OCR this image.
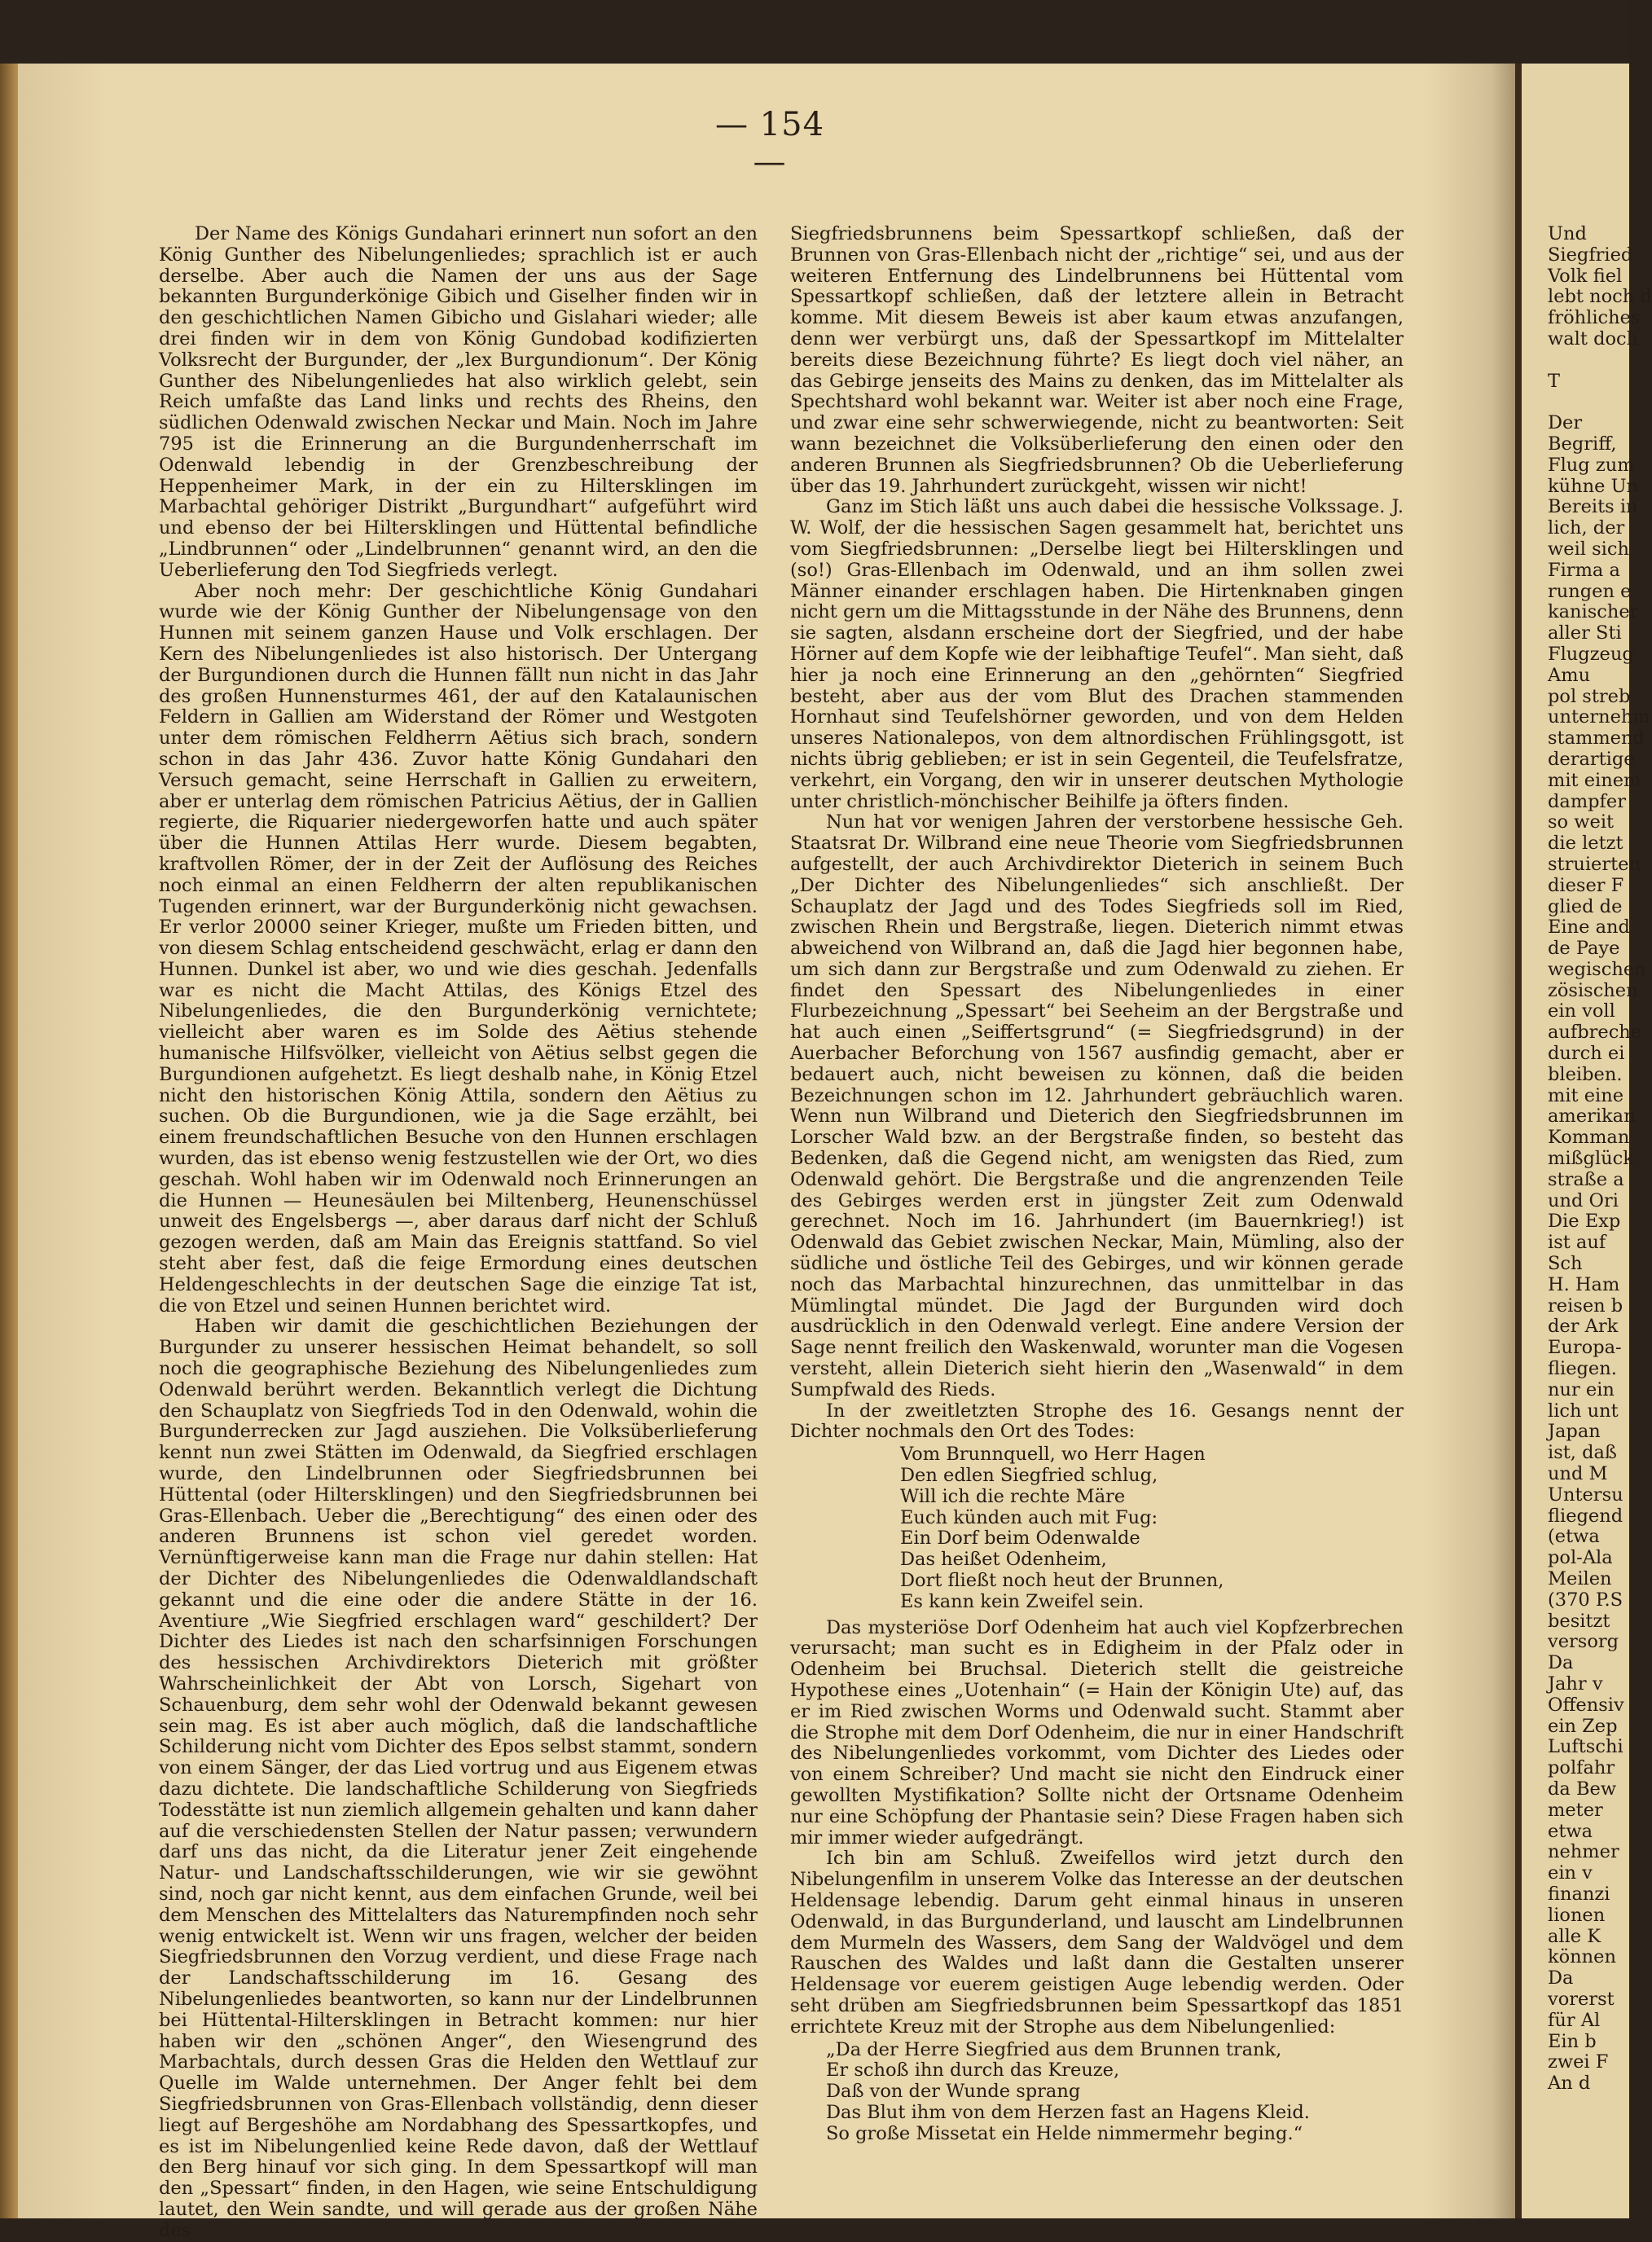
— 154 —

Der Name des Königs Gundahari erinnert nun sofort an den König Gunther des Nibelungenliedes; sprachlich ist er auch derselbe. Aber auch die Namen der uns aus der Sage bekannten Burgunderkönige Gibich und Giselher finden wir in den geschichtlichen Namen Gibicho und Gislahari wieder; alle drei finden wir in dem von König Gundobad kodifizierten Volksrecht der Burgunder, der „lex Burgundionum“. Der König Gunther des Nibelungenliedes hat also wirklich gelebt, sein Reich umfaßte das Land links und rechts des Rheins, den südlichen Odenwald zwischen Neckar und Main. Noch im Jahre 795 ist die Erinnerung an die Burgundenherrschaft im Odenwald lebendig in der Grenzbeschreibung der Heppenheimer Mark, in der ein zu Hiltersklingen im Marbachtal gehöriger Distrikt „Burgundhart“ aufgeführt wird und ebenso der bei Hiltersklingen und Hüttental befindliche „Lindbrunnen“ oder „Lindelbrunnen“ genannt wird, an den die Ueberlieferung den Tod Siegfrieds verlegt.

Aber noch mehr: Der geschichtliche König Gundahari wurde wie der König Gunther der Nibelungensage von den Hunnen mit seinem ganzen Hause und Volk erschlagen. Der Kern des Nibelungenliedes ist also historisch. Der Untergang der Burgundionen durch die Hunnen fällt nun nicht in das Jahr des großen Hunnensturmes 461, der auf den Katalaunischen Feldern in Gallien am Widerstand der Römer und Westgoten unter dem römischen Feldherrn Aëtius sich brach, sondern schon in das Jahr 436. Zuvor hatte König Gundahari den Versuch gemacht, seine Herrschaft in Gallien zu erweitern, aber er unterlag dem römischen Patricius Aëtius, der in Gallien regierte, die Riquarier niedergeworfen hatte und auch später über die Hunnen Attilas Herr wurde. Diesem begabten, kraftvollen Römer, der in der Zeit der Auflösung des Reiches noch einmal an einen Feldherrn der alten republikanischen Tugenden erinnert, war der Burgunderkönig nicht gewachsen. Er verlor 20000 seiner Krieger, mußte um Frieden bitten, und von diesem Schlag entscheidend geschwächt, erlag er dann den Hunnen. Dunkel ist aber, wo und wie dies geschah. Jedenfalls war es nicht die Macht Attilas, des Königs Etzel des Nibelungenliedes, die den Burgunderkönig vernichtete; vielleicht aber waren es im Solde des Aëtius stehende humanische Hilfsvölker, vielleicht von Aëtius selbst gegen die Burgundionen aufgehetzt. Es liegt deshalb nahe, in König Etzel nicht den historischen König Attila, sondern den Aëtius zu suchen. Ob die Burgundionen, wie ja die Sage erzählt, bei einem freundschaftlichen Besuche von den Hunnen erschlagen wurden, das ist ebenso wenig festzustellen wie der Ort, wo dies geschah. Wohl haben wir im Odenwald noch Erinnerungen an die Hunnen — Heunesäulen bei Miltenberg, Heunenschüssel unweit des Engelsbergs —, aber daraus darf nicht der Schluß gezogen werden, daß am Main das Ereignis stattfand. So viel steht aber fest, daß die feige Ermordung eines deutschen Heldengeschlechts in der deutschen Sage die einzige Tat ist, die von Etzel und seinen Hunnen berichtet wird.

Haben wir damit die geschichtlichen Beziehungen der Burgunder zu unserer hessischen Heimat behandelt, so soll noch die geographische Beziehung des Nibelungenliedes zum Odenwald berührt werden. Bekanntlich verlegt die Dichtung den Schauplatz von Siegfrieds Tod in den Odenwald, wohin die Burgunderrecken zur Jagd ausziehen. Die Volksüberlieferung kennt nun zwei Stätten im Odenwald, da Siegfried erschlagen wurde, den Lindelbrunnen oder Siegfriedsbrunnen bei Hüttental (oder Hiltersklingen) und den Siegfriedsbrunnen bei Gras-Ellenbach. Ueber die „Berechtigung“ des einen oder des anderen Brunnens ist schon viel geredet worden. Vernünftigerweise kann man die Frage nur dahin stellen: Hat der Dichter des Nibelungenliedes die Odenwaldlandschaft gekannt und die eine oder die andere Stätte in der 16. Aventiure „Wie Siegfried erschlagen ward“ geschildert? Der Dichter des Liedes ist nach den scharfsinnigen Forschungen des hessischen Archivdirektors Dieterich mit größter Wahrscheinlichkeit der Abt von Lorsch, Sigehart von Schauenburg, dem sehr wohl der Odenwald bekannt gewesen sein mag. Es ist aber auch möglich, daß die landschaftliche Schilderung nicht vom Dichter des Epos selbst stammt, sondern von einem Sänger, der das Lied vortrug und aus Eigenem etwas dazu dichtete. Die landschaftliche Schilderung von Siegfrieds Todesstätte ist nun ziemlich allgemein gehalten und kann daher auf die verschiedensten Stellen der Natur passen; verwundern darf uns das nicht, da die Literatur jener Zeit eingehende Natur- und Landschaftsschilderungen, wie wir sie gewöhnt sind, noch gar nicht kennt, aus dem einfachen Grunde, weil bei dem Menschen des Mittelalters das Naturempfinden noch sehr wenig entwickelt ist. Wenn wir uns fragen, welcher der beiden Siegfriedsbrunnen den Vorzug verdient, und diese Frage nach der Landschaftsschilderung im 16. Gesang des Nibelungenliedes beantworten, so kann nur der Lindelbrunnen bei Hüttental-Hiltersklingen in Betracht kommen: nur hier haben wir den „schönen Anger“, den Wiesengrund des Marbachtals, durch dessen Gras die Helden den Wettlauf zur Quelle im Walde unternehmen. Der Anger fehlt bei dem Siegfriedsbrunnen von Gras-Ellenbach vollständig, denn dieser liegt auf Bergeshöhe am Nordabhang des Spessartkopfes, und es ist im Nibelungenlied keine Rede davon, daß der Wettlauf den Berg hinauf vor sich ging. In dem Spessartkopf will man den „Spessart“ finden, in den Hagen, wie seine Entschuldigung lautet, den Wein sandte, und will gerade aus der großen Nähe des

Siegfriedsbrunnens beim Spessartkopf schließen, daß der Brunnen von Gras-Ellenbach nicht der „richtige“ sei, und aus der weiteren Entfernung des Lindelbrunnens bei Hüttental vom Spessartkopf schließen, daß der letztere allein in Betracht komme. Mit diesem Beweis ist aber kaum etwas anzufangen, denn wer verbürgt uns, daß der Spessartkopf im Mittelalter bereits diese Bezeichnung führte? Es liegt doch viel näher, an das Gebirge jenseits des Mains zu denken, das im Mittelalter als Spechtshard wohl bekannt war. Weiter ist aber noch eine Frage, und zwar eine sehr schwerwiegende, nicht zu beantworten: Seit wann bezeichnet die Volksüberlieferung den einen oder den anderen Brunnen als Siegfriedsbrunnen? Ob die Ueberlieferung über das 19. Jahrhundert zurückgeht, wissen wir nicht!

Ganz im Stich läßt uns auch dabei die hessische Volkssage. J. W. Wolf, der die hessischen Sagen gesammelt hat, berichtet uns vom Siegfriedsbrunnen: „Derselbe liegt bei Hiltersklingen und (so!) Gras-Ellenbach im Odenwald, und an ihm sollen zwei Männer einander erschlagen haben. Die Hirtenknaben gingen nicht gern um die Mittagsstunde in der Nähe des Brunnens, denn sie sagten, alsdann erscheine dort der Siegfried, und der habe Hörner auf dem Kopfe wie der leibhaftige Teufel“. Man sieht, daß hier ja noch eine Erinnerung an den „gehörnten“ Siegfried besteht, aber aus der vom Blut des Drachen stammenden Hornhaut sind Teufelshörner geworden, und von dem Helden unseres Nationalepos, von dem altnordischen Frühlingsgott, ist nichts übrig geblieben; er ist in sein Gegenteil, die Teufelsfratze, verkehrt, ein Vorgang, den wir in unserer deutschen Mythologie unter christlich-mönchischer Beihilfe ja öfters finden.

Nun hat vor wenigen Jahren der verstorbene hessische Geh. Staatsrat Dr. Wilbrand eine neue Theorie vom Siegfriedsbrunnen aufgestellt, der auch Archivdirektor Dieterich in seinem Buch „Der Dichter des Nibelungenliedes“ sich anschließt. Der Schauplatz der Jagd und des Todes Siegfrieds soll im Ried, zwischen Rhein und Bergstraße, liegen. Dieterich nimmt etwas abweichend von Wilbrand an, daß die Jagd hier begonnen habe, um sich dann zur Bergstraße und zum Odenwald zu ziehen. Er findet den Spessart des Nibelungenliedes in einer Flurbezeichnung „Spessart“ bei Seeheim an der Bergstraße und hat auch einen „Seiffertsgrund“ (= Siegfriedsgrund) in der Auerbacher Beforchung von 1567 ausfindig gemacht, aber er bedauert auch, nicht beweisen zu können, daß die beiden Bezeichnungen schon im 12. Jahrhundert gebräuchlich waren. Wenn nun Wilbrand und Dieterich den Siegfriedsbrunnen im Lorscher Wald bzw. an der Bergstraße finden, so besteht das Bedenken, daß die Gegend nicht, am wenigsten das Ried, zum Odenwald gehört. Die Bergstraße und die angrenzenden Teile des Gebirges werden erst in jüngster Zeit zum Odenwald gerechnet. Noch im 16. Jahrhundert (im Bauernkrieg!) ist Odenwald das Gebiet zwischen Neckar, Main, Mümling, also der südliche und östliche Teil des Gebirges, und wir können gerade noch das Marbachtal hinzurechnen, das unmittelbar in das Mümlingtal mündet. Die Jagd der Burgunden wird doch ausdrücklich in den Odenwald verlegt. Eine andere Version der Sage nennt freilich den Waskenwald, worunter man die Vogesen versteht, allein Dieterich sieht hierin den „Wasenwald“ in dem Sumpfwald des Rieds.

In der zweitletzten Strophe des 16. Gesangs nennt der Dichter nochmals den Ort des Todes:

Vom Brunnquell, wo Herr Hagen
Den edlen Siegfried schlug,
Will ich die rechte Märe
Euch künden auch mit Fug:
Ein Dorf beim Odenwalde
Das heißet Odenheim,
Dort fließt noch heut der Brunnen,
Es kann kein Zweifel sein.

Das mysteriöse Dorf Odenheim hat auch viel Kopfzerbrechen verursacht; man sucht es in Edigheim in der Pfalz oder in Odenheim bei Bruchsal. Dieterich stellt die geistreiche Hypothese eines „Uotenhain“ (= Hain der Königin Ute) auf, das er im Ried zwischen Worms und Odenwald sucht. Stammt aber die Strophe mit dem Dorf Odenheim, die nur in einer Handschrift des Nibelungenliedes vorkommt, vom Dichter des Liedes oder von einem Schreiber? Und macht sie nicht den Eindruck einer gewollten Mystifikation? Sollte nicht der Ortsname Odenheim nur eine Schöpfung der Phantasie sein? Diese Fragen haben sich mir immer wieder aufgedrängt.

Ich bin am Schluß. Zweifellos wird jetzt durch den Nibelungenfilm in unserem Volke das Interesse an der deutschen Heldensage lebendig. Darum geht einmal hinaus in unseren Odenwald, in das Burgunderland, und lauscht am Lindelbrunnen dem Murmeln des Wassers, dem Sang der Waldvögel und dem Rauschen des Waldes und laßt dann die Gestalten unserer Heldensage vor euerem geistigen Auge lebendig werden. Oder seht drüben am Siegfriedsbrunnen beim Spessartkopf das 1851 errichtete Kreuz mit der Strophe aus dem Nibelungenlied:

„Da der Herre Siegfried aus dem Brunnen trank,
Er schoß ihn durch das Kreuze,
Daß von der Wunde sprang
Das Blut ihm von dem Herzen fast an Hagens Kleid.
So große Missetat ein Helde nimmermehr beging.“
Und
Siegfried
Volk fiel
lebt noch d
fröhliches
walt doch
T
Der
Begriff,
Flug zum
kühne Un
Bereits in
lich, der
weil sich
Firma a
rungen e
kanischer
aller Sti
Flugzeug
Amu
pol streb
unternehm
stammend
derartige
mit einem
dampfer
so weit
die letzt
struierten
dieser F
glied de
Eine and
de Paye
wegischen
zösischen
ein voll
aufbreche
durch ei
bleiben.
mit eine
amerikan
Komman
mißglück
straße a
und Ori
Die Exp
ist auf
Sch
H. Ham
reisen b
der Ark
Europa-
fliegen.
nur ein
lich unt
Japan
ist, daß
und M
Untersu
fliegend
(etwa
pol-Ala
Meilen
(370 P.S
besitzt
versorg
Da
Jahr v
Offensiv
ein Zep
Luftschi
polfahr
da Bew
meter
etwa
nehmer
ein v
finanzi
lionen
alle K
können
Da
vorerst
für Al
Ein b
zwei F
An d
